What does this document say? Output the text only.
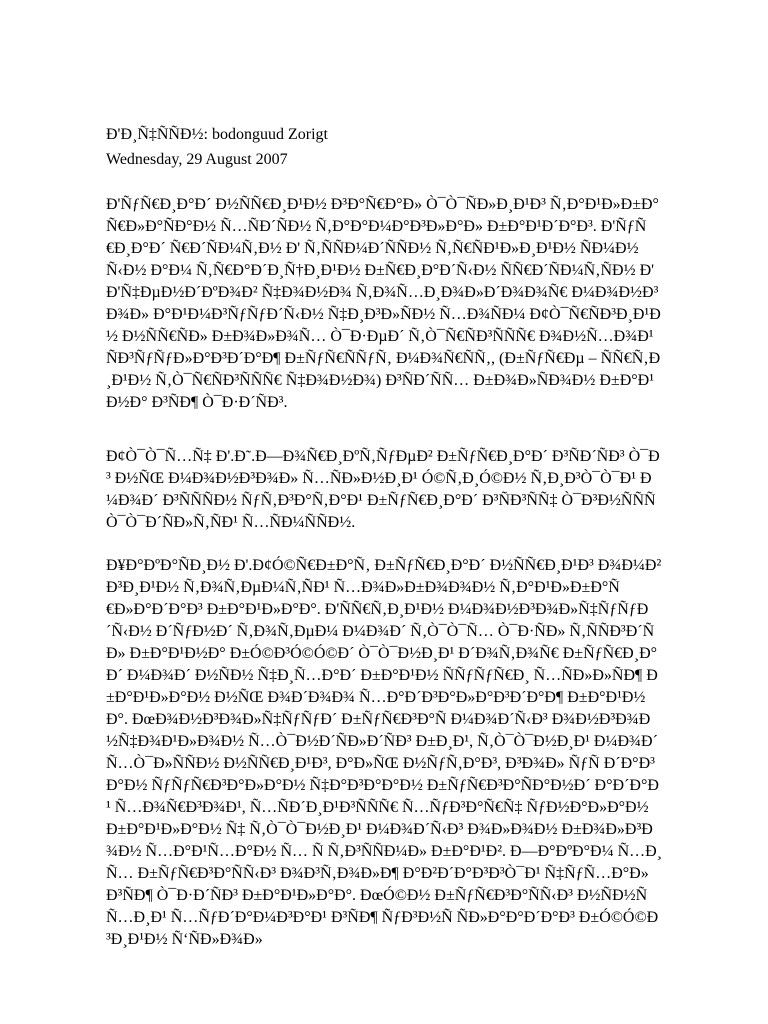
Ð'Ð¸Ñ‡ÑÑÐ½: bodonguud Zorigt

Wednesday, 29 August 2007

Ð'ÑƒÑ€Ð¸Ð°Ð´ Ð½ÑÑ€Ð¸Ð¹Ð½ Ð³Ð°Ñ€Ð°Ð» Ò¯Ò¯ÑÐ»Ð¸Ð¹Ð³ Ñ‚Ð°Ð¹Ð»Ð±Ð°Ñ€Ð»Ð°ÑÐ°Ð½ Ñ…ÑÐ´ÑÐ½ Ñ‚Ð°Ð°Ð¼Ð°Ð³Ð»Ð°Ð» Ð±Ð°Ð¹Ð´Ð°Ð³. Ð'ÑƒÑ€Ð¸Ð°Ð´ Ñ€Ð´ÑÐ¼Ñ‚Ð½ Ð' Ñ‚ÑÑÐ¼Ð´ÑÑÐ½ Ñ‚Ñ€ÑÐ¹Ð»Ð¸Ð¹Ð½ ÑÐ¼Ð½Ñ‹Ð½ Ð°Ð¼ Ñ‚Ñ€Ð°Ð´Ð¸Ñ†Ð¸Ð¹Ð½ Ð±Ñ€Ð¸Ð°Ð´Ñ‹Ð½ ÑÑ€Ð´ÑÐ¼Ñ‚ÑÐ½ Ð' Ð'Ñ‡ÐµÐ½Ð´ÐºÐ¾Ð² Ñ‡Ð¾Ð½Ð¾ Ñ‚Ð¾Ñ…Ð¸Ð¾Ð»Ð´Ð¾Ð¾Ñ€ Ð¼Ð¾Ð½Ð³Ð¾Ð» Ð°Ð¹Ð¼Ð³ÑƒÑƒÐ´Ñ‹Ð½ Ñ‡Ð¸Ð³Ð»ÑÐ½ Ñ…Ð¾ÑÐ¼ Ð¢Ò¯Ñ€ÑÐ³Ð¸Ð¹Ð½ Ð½ÑÑ€ÑÐ» Ð±Ð¾Ð»Ð¾Ñ… Ò¯Ð·ÐµÐ´ Ñ‚Ò¯Ñ€ÑÐ³ÑÑÑ€ Ð¾Ð½Ñ…Ð¾Ð¹ ÑÐ³ÑƒÑƒÐ»Ð°Ð³Ð´Ð°Ð¶ Ð±ÑƒÑ€ÑÑƒÑ‚ Ð¼Ð¾Ñ€ÑÑ‚, (Ð±ÑƒÑ€Ðµ – ÑÑ€Ñ‚Ð¸Ð¹Ð½ Ñ‚Ò¯Ñ€ÑÐ³ÑÑÑ€ Ñ‡Ð¾Ð½Ð¾) Ð³ÑÐ´ÑÑ… Ð±Ð¾Ð»ÑÐ¾Ð½ Ð±Ð°Ð¹Ð½Ð° Ð³ÑÐ¶ Ò¯Ð·Ð´ÑÐ³.

Ð¢Ò¯Ò¯Ñ…Ñ‡ Ð'.Ð˜.Ð—Ð¾Ñ€Ð¸ÐºÑ‚ÑƒÐµÐ² Ð±ÑƒÑ€Ð¸Ð°Ð´ Ð³ÑÐ´ÑÐ³ Ò¯Ð³ Ð½ÑŒ Ð¼Ð¾Ð½Ð³Ð¾Ð» Ñ…ÑÐ»Ð½Ð¸Ð¹ Ó©Ñ‚Ð¸Ó©Ð½ Ñ‚Ð¸Ð³Ò¯Ò¯Ð¹ Ð¼Ð¾Ð´ Ð³ÑÑÑÐ½ ÑƒÑ‚Ð³Ð°Ñ‚Ð°Ð¹ Ð±ÑƒÑ€Ð¸Ð°Ð´ Ð³ÑÐ³ÑÑ‡ Ò¯Ð³Ð½ÑÑÑ Ò¯Ò¯Ð´ÑÐ»Ñ‚ÑÐ¹ Ñ…ÑÐ¼ÑÑÐ½.

Ð¥Ð°ÐºÐ°ÑÐ¸Ð½ Ð'.Ð¢Ó©Ñ€Ð±Ð°Ñ‚ Ð±ÑƒÑ€Ð¸Ð°Ð´ Ð½ÑÑ€Ð¸Ð¹Ð³ Ð¾Ð¼Ð²Ð³Ð¸Ð¹Ð½ Ñ‚Ð¾Ñ‚ÐµÐ¼Ñ‚ÑÐ¹ Ñ…Ð¾Ð»Ð±Ð¾Ð¾Ð½ Ñ‚Ð°Ð¹Ð»Ð±Ð°Ñ€Ð»Ð°Ð´Ð°Ð³ Ð±Ð°Ð¹Ð»Ð°Ð°. Ð'ÑÑ€Ñ‚Ð¸Ð¹Ð½ Ð¼Ð¾Ð½Ð³Ð¾Ð»Ñ‡ÑƒÑƒÐ´Ñ‹Ð½ Ð´ÑƒÐ½Ð´ Ñ‚Ð¾Ñ‚ÐµÐ¼ Ð¼Ð¾Ð´ Ñ‚Ò¯Ò¯Ñ… Ò¯Ð·ÑÐ» Ñ‚ÑÑÐ³Ð´ÑÐ» Ð±Ð°Ð¹Ð½Ð° Ð±Ó©Ð³Ó©Ó©Ð´ Ò¯Ò¯Ð½Ð¸Ð¹ Ð´Ð¾Ñ‚Ð¾Ñ€ Ð±ÑƒÑ€Ð¸Ð°Ð´ Ð¼Ð¾Ð´ Ð½ÑÐ½ Ñ‡Ð¸Ñ…Ð°Ð´ Ð±Ð°Ð¹Ð½ ÑÑƒÑƒÑ€Ð¸ Ñ…ÑÐ»Ð»ÑÐ¶ Ð±Ð°Ð¹Ð»Ð°Ð½ Ð½ÑŒ Ð¾Ð´Ð¾Ð¾ Ñ…Ð°Ð´Ð³Ð°Ð»Ð°Ð³Ð´Ð°Ð¶ Ð±Ð°Ð¹Ð½Ð°. ÐœÐ¾Ð½Ð³Ð¾Ð»Ñ‡ÑƒÑƒÐ´ Ð±ÑƒÑ€Ð³Ð°Ñ Ð¼Ð¾Ð´Ñ‹Ð³ Ð¾Ð½Ð³Ð¾Ð½Ñ‡Ð¾Ð¹Ð»Ð¾Ð½ Ñ…Ò¯Ð½Ð´ÑÐ»Ð´ÑÐ³ Ð±Ð¸Ð¹, Ñ‚Ò¯Ò¯Ð½Ð¸Ð¹ Ð¼Ð¾Ð´ Ñ…Ò¯Ð»ÑÑÐ½ Ð½ÑÑ€Ð¸Ð¹Ð³, Ð°Ð»ÑŒ Ð½ÑƒÑ‚Ð°Ð³, Ð³Ð¾Ð» ÑƒÑ Ð´Ð°Ð³Ð°Ð½ ÑƒÑƒÑ€Ð³Ð°Ð»Ð°Ð½ Ñ‡Ð°Ð³Ð°Ð°Ð½ Ð±ÑƒÑ€Ð³Ð°ÑÐ°Ð½Ð´ Ð°Ð´Ð°Ð¹ Ñ…Ð¾Ñ€Ð³Ð¾Ð¹, Ñ…ÑÐ´Ð¸Ð¹Ð³ÑÑÑ€ Ñ…ÑƒÐ³Ð°Ñ€Ñ‡ ÑƒÐ½Ð°Ð»Ð°Ð½ Ð±Ð°Ð¹Ð»Ð°Ð½ Ñ‡ Ñ‚Ò¯Ò¯Ð½Ð¸Ð¹ Ð¼Ð¾Ð´Ñ‹Ð³ Ð¾Ð»Ð¾Ð½ Ð±Ð¾Ð»Ð³Ð¾Ð½ Ñ…Ð°Ð¹Ñ…Ð°Ð½ Ñ… Ñ Ñ‚Ð³ÑÑÐ¼Ð» Ð±Ð°Ð¹Ð². Ð—Ð°ÐºÐ°Ð¼ Ñ…Ð¸Ñ… Ð±ÑƒÑ€Ð³Ð°ÑÑ‹Ð³ Ð¾Ð³Ñ‚Ð¾Ð»Ð¶ Ð°Ð²Ð´Ð°Ð³Ð³Ò¯Ð¹ Ñ‡ÑƒÑ…Ð°Ð» Ð³ÑÐ¶ Ò¯Ð·Ð´ÑÐ³ Ð±Ð°Ð¹Ð»Ð°Ð°. ÐœÓ©Ð½ Ð±ÑƒÑ€Ð³Ð°ÑÑ‹Ð³ Ð½ÑÐ½ÑÑ…Ð¸Ð¹ Ñ…ÑƒÐ´Ð°Ð¼Ð³Ð°Ð¹ Ð³ÑÐ¶ ÑƒÐ³Ð½Ñ ÑÐ»Ð°Ð°Ð´Ð°Ð³ Ð±Ó©Ó©Ð³Ð¸Ð¹Ð½ Ñ‘ÑÐ»Ð¾Ð»
